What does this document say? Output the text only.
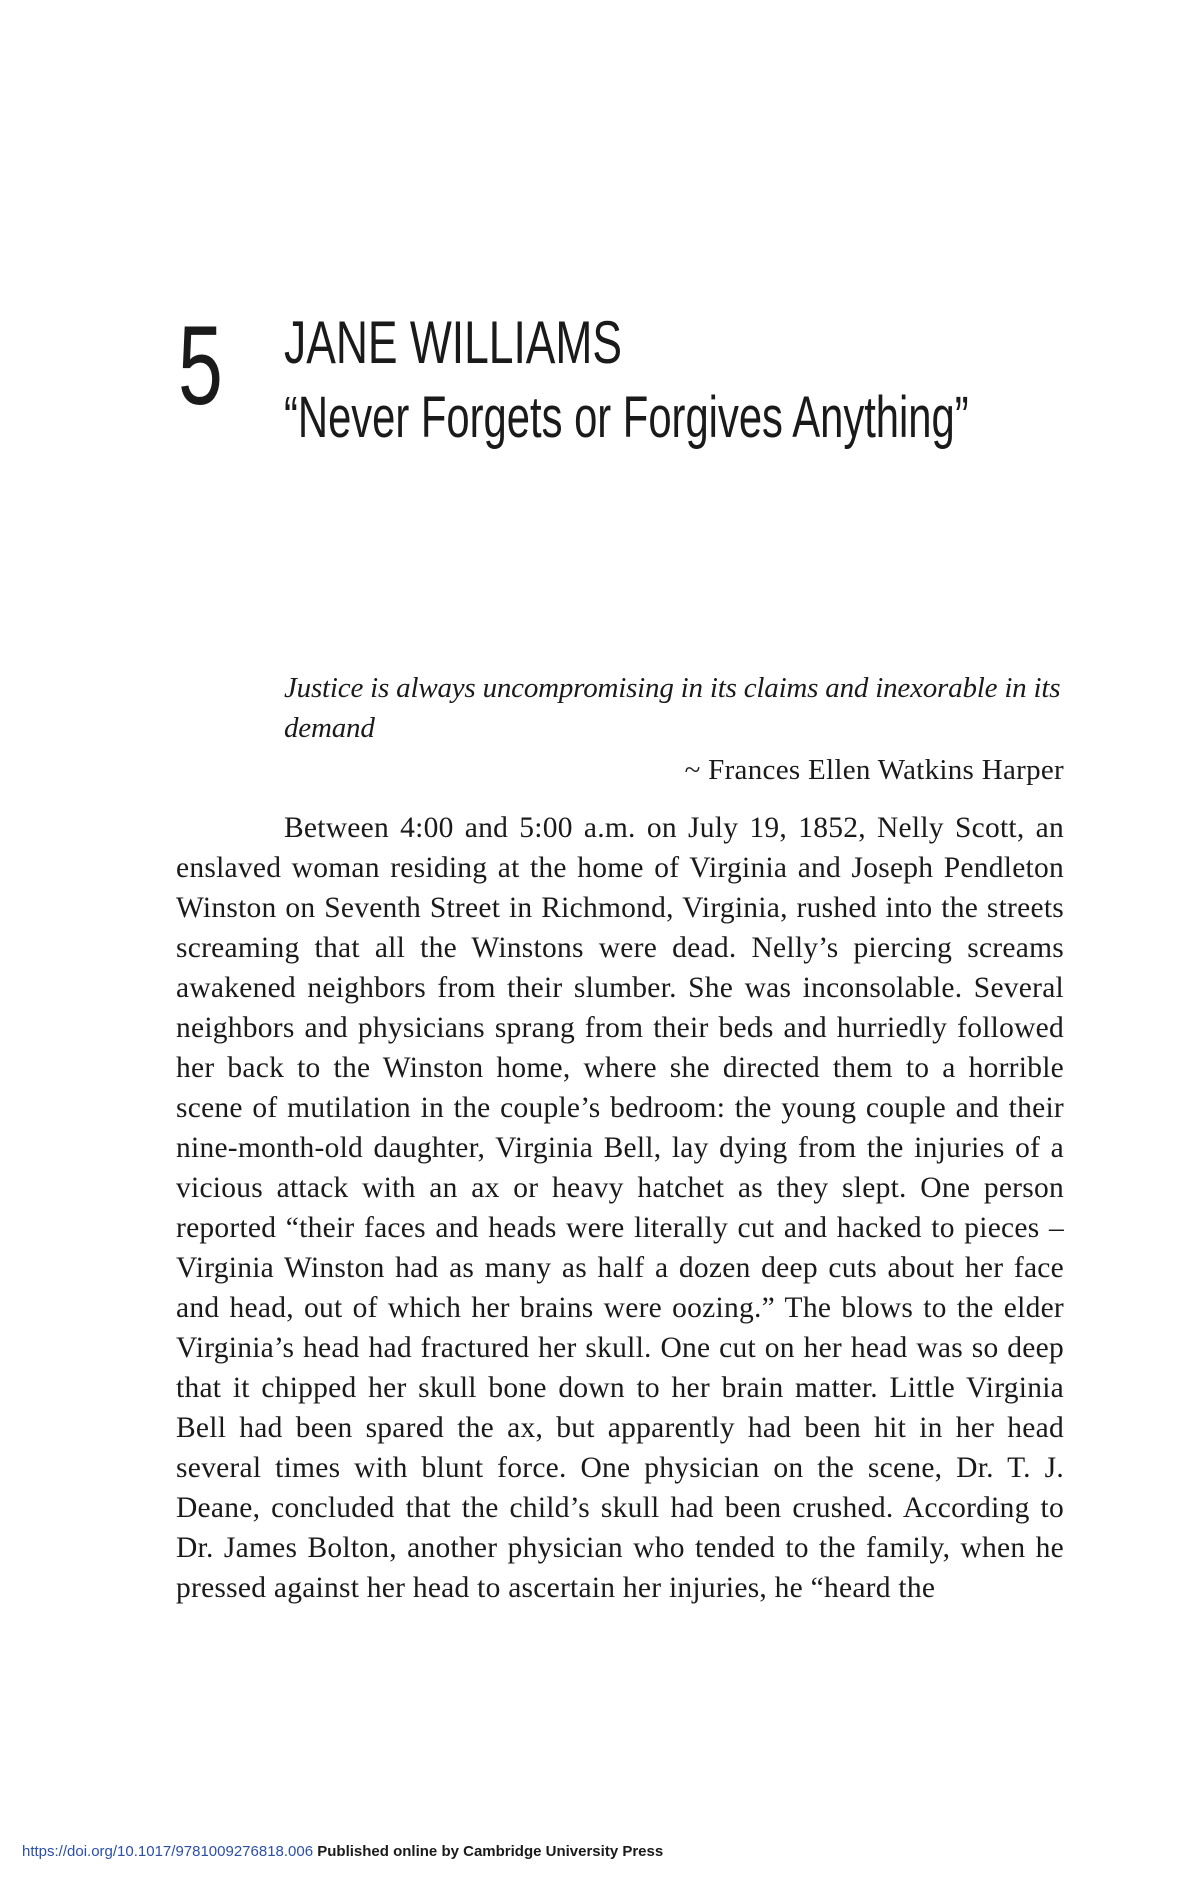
5 JANE WILLIAMS
“Never Forgets or Forgives Anything”

Justice is always uncompromising in its claims and inexorable in its demand

~ Frances Ellen Watkins Harper

Between 4:00 and 5:00 a.m. on July 19, 1852, Nelly Scott, an enslaved woman residing at the home of Virginia and Joseph Pendleton Winston on Seventh Street in Richmond, Virginia, rushed into the streets screaming that all the Winstons were dead. Nelly’s piercing screams awakened neighbors from their slumber. She was inconsolable. Several neighbors and physicians sprang from their beds and hurriedly followed her back to the Winston home, where she directed them to a horrible scene of mutilation in the couple’s bedroom: the young couple and their nine-month-old daughter, Virginia Bell, lay dying from the injuries of a vicious attack with an ax or heavy hatchet as they slept. One person reported “their faces and heads were literally cut and hacked to pieces – Virginia Winston had as many as half a dozen deep cuts about her face and head, out of which her brains were oozing.” The blows to the elder Virginia’s head had fractured her skull. One cut on her head was so deep that it chipped her skull bone down to her brain matter. Little Virginia Bell had been spared the ax, but apparently had been hit in her head several times with blunt force. One physician on the scene, Dr. T. J. Deane, concluded that the child’s skull had been crushed. According to Dr. James Bolton, another physician who tended to the family, when he pressed against her head to ascertain her injuries, he “heard the

https://doi.org/10.1017/9781009276818.006 Published online by Cambridge University Press
